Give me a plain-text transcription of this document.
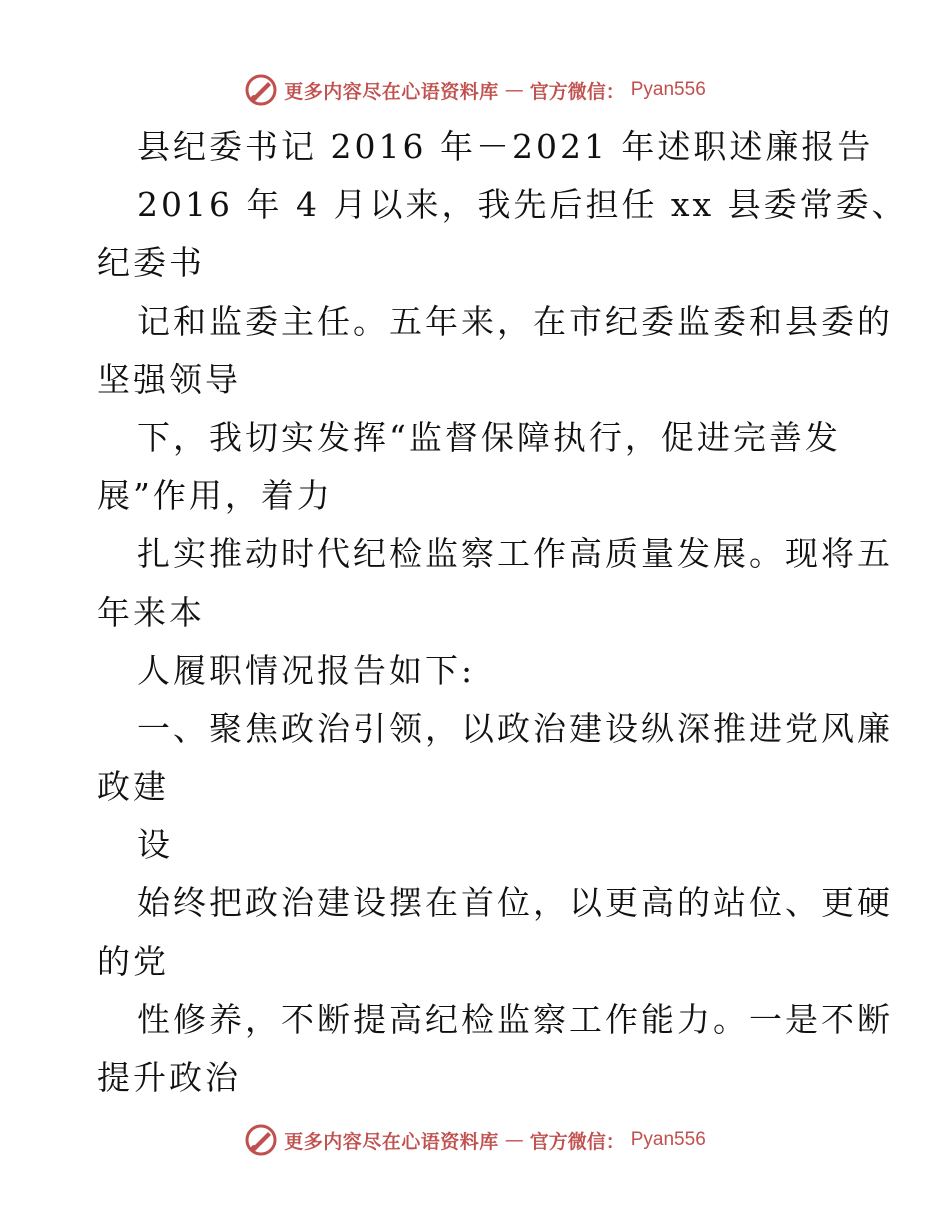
更多内容尽在心语资料库 — 官方微信： Pyan556
县纪委书记 2016 年－2021 年述职述廉报告
2016 年 4 月以来，我先后担任 xx 县委常委、
纪委书
记和监委主任。五年来，在市纪委监委和县委的
坚强领导
下，我切实发挥“监督保障执行，促进完善发
展”作用，着力
扎实推动时代纪检监察工作高质量发展。现将五
年来本
人履职情况报告如下:
一、聚焦政治引领，以政治建设纵深推进党风廉
政建
设
始终把政治建设摆在首位，以更高的站位、更硬
的党
性修养，不断提高纪检监察工作能力。一是不断
提升政治
更多内容尽在心语资料库 — 官方微信： Pyan556
